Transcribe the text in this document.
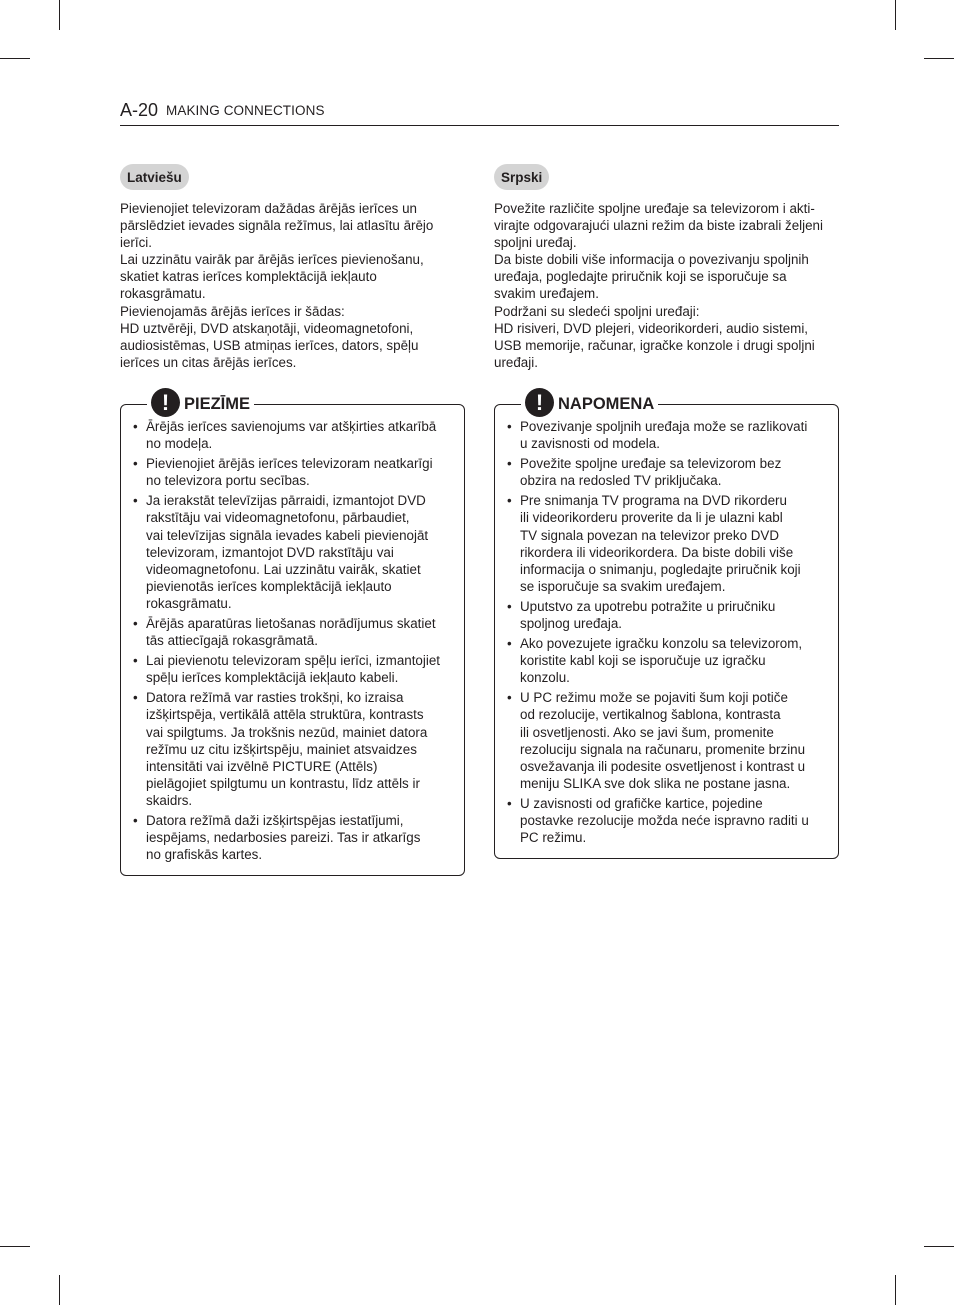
A-20 MAKING CONNECTIONS
Latviešu

Pievienojiet televizoram dažādas ārējās ierīces un
pārslēdziet ievades signāla režīmus, lai atlasītu ārējo
ierīci.
Lai uzzinātu vairāk par ārējās ierīces pievienošanu,
skatiet katras ierīces komplektācijā iekļauto
rokasgrāmatu.
Pievienojamās ārējās ierīces ir šādas:
HD uztvērēji, DVD atskaņotāji, videomagnetofoni,
audiosistēmas, USB atmiņas ierīces, dators, spēļu
ierīces un citas ārējās ierīces.

! PIEZĪME
• Ārējās ierīces savienojums var atšķirties atkarībā
no modeļa.
• Pievienojiet ārējās ierīces televizoram neatkarīgi
no televizora portu secības.
• Ja ierakstāt televīzijas pārraidi, izmantojot DVD
rakstītāju vai videomagnetofonu, pārbaudiet,
vai televīzijas signāla ievades kabeli pievienojāt
televizoram, izmantojot DVD rakstītāju vai
videomagnetofonu. Lai uzzinātu vairāk, skatiet
pievienotās ierīces komplektācijā iekļauto
rokasgrāmatu.
• Ārējās aparatūras lietošanas norādījumus skatiet
tās attiecīgajā rokasgrāmatā.
• Lai pievienotu televizoram spēļu ierīci, izmantojiet
spēļu ierīces komplektācijā iekļauto kabeli.
• Datora režīmā var rasties trokšņi, ko izraisa
izšķirtspēja, vertikālā attēla struktūra, kontrasts
vai spilgtums. Ja trokšnis nezūd, mainiet datora
režīmu uz citu izšķirtspēju, mainiet atsvaidzes
intensitāti vai izvēlnē PICTURE (Attēls)
pielāgojiet spilgtumu un kontrastu, līdz attēls ir
skaidrs.
• Datora režīmā daži izšķirtspējas iestatījumi,
iespējams, nedarbosies pareizi. Tas ir atkarīgs
no grafiskās kartes.
Srpski

Povežite različite spoljne uređaje sa televizorom i akti-
virajte odgovarajući ulazni režim da biste izabrali željeni
spoljni uređaj.
Da biste dobili više informacija o povezivanju spoljnih
uređaja, pogledajte priručnik koji se isporučuje sa
svakim uređajem.
Podržani su sledeći spoljni uređaji:
HD risiveri, DVD plejeri, videorikorderi, audio sistemi,
USB memorije, računar, igračke konzole i drugi spoljni
uređaji.

! NAPOMENA
• Povezivanje spoljnih uređaja može se razlikovati
u zavisnosti od modela.
• Povežite spoljne uređaje sa televizorom bez
obzira na redosled TV priključaka.
• Pre snimanja TV programa na DVD rikorderu
ili videorikorderu proverite da li je ulazni kabl
TV signala povezan na televizor preko DVD
rikordera ili videorikordera. Da biste dobili više
informacija o snimanju, pogledajte priručnik koji
se isporučuje sa svakim uređajem.
• Uputstvo za upotrebu potražite u priručniku
spoljnog uređaja.
• Ako povezujete igračku konzolu sa televizorom,
koristite kabl koji se isporučuje uz igračku
konzolu.
• U PC režimu može se pojaviti šum koji potiče
od rezolucije, vertikalnog šablona, kontrasta
ili osvetljenosti. Ako se javi šum, promenite
rezoluciju signala na računaru, promenite brzinu
osvežavanja ili podesite osvetljenost i kontrast u
meniju SLIKA sve dok slika ne postane jasna.
• U zavisnosti od grafičke kartice, pojedine
postavke rezolucije možda neće ispravno raditi u
PC režimu.
